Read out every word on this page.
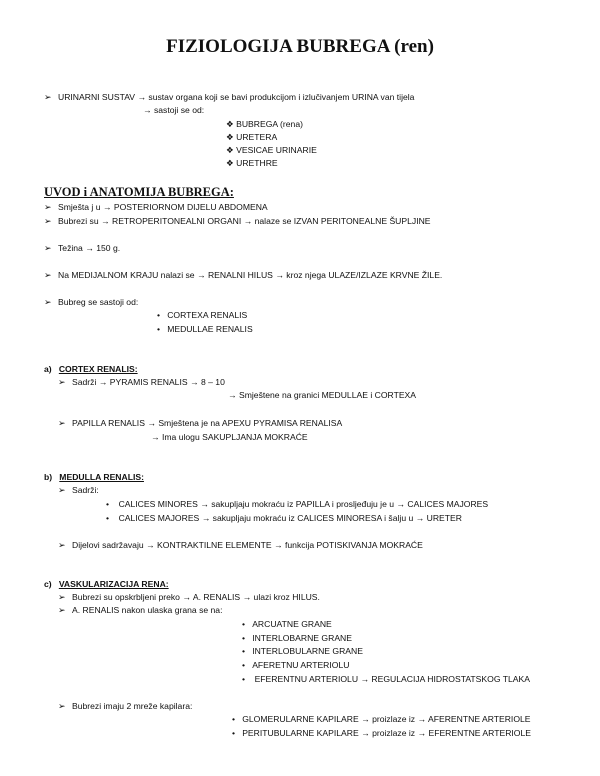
FIZIOLOGIJA BUBREGA (ren)
➢ URINARNI SUSTAV → sustav organa koji se bavi produkcijom i izlučivanjem URINA van tijela
→ sastoji se od:
❖ BUBREGA (rena)
❖ URETERA
❖ VESICAE URINARIE
❖ URETHRE
UVOD i ANATOMIJA BUBREGA:
➢ Smješta j u → POSTERIORNOM DIJELU ABDOMENA
➢ Bubrezi su → RETROPERITONEALNI ORGANI → nalaze se IZVAN PERITONEALNE ŠUPLJINE
➢ Težina → 150 g.
➢ Na MEDIJALNOM KRAJU nalazi se → RENALNI HILUS → kroz njega ULAZE/IZLAZE KRVNE ŽILE.
➢ Bubreg se sastoji od:
• CORTEXA RENALIS
• MEDULLAE RENALIS
a) CORTEX RENALIS:
➢ Sadrži → PYRAMIS RENALIS → 8 – 10
→ Smještene na granici MEDULLAE i CORTEXA
➢ PAPILLA RENALIS → Smještena je na APEXU PYRAMISA RENALISA
→ Ima ulogu SAKUPLJANJA MOKRAĆE
b) MEDULLA RENALIS:
➢ Sadrži:
• CALICES MINORES → sakupljaju mokraću iz PAPILLA i prosljeđuju je u → CALICES MAJORES
• CALICES MAJORES → sakupljaju mokraću iz CALICES MINORESA i šalju u → URETER
➢ Dijelovi sadržavaju → KONTRAKTILNE ELEMENTE → funkcija POTISKIVANJA MOKRAĆE
c) VASKULARIZACIJA RENA:
➢ Bubrezi su opskrbljeni preko → A. RENALIS → ulazi kroz HILUS.
➢ A. RENALIS nakon ulaska grana se na:
• ARCUATNE GRANE
• INTERLOBARNE GRANE
• INTERLOBULARNE GRANE
• AFERETNU ARTERIOLU
• EFERENTNU ARTERIOLU → REGULACIJA HIDROSTATSKOG TLAKA
➢ Bubrezi imaju 2 mreže kapilara:
• GLOMERULARNE KAPILARE → proizlaze iz → AFERENTNE ARTERIOLE
• PERITUBULARNE KAPILARE → proizlaze iz → EFERENTNE ARTERIOLE
